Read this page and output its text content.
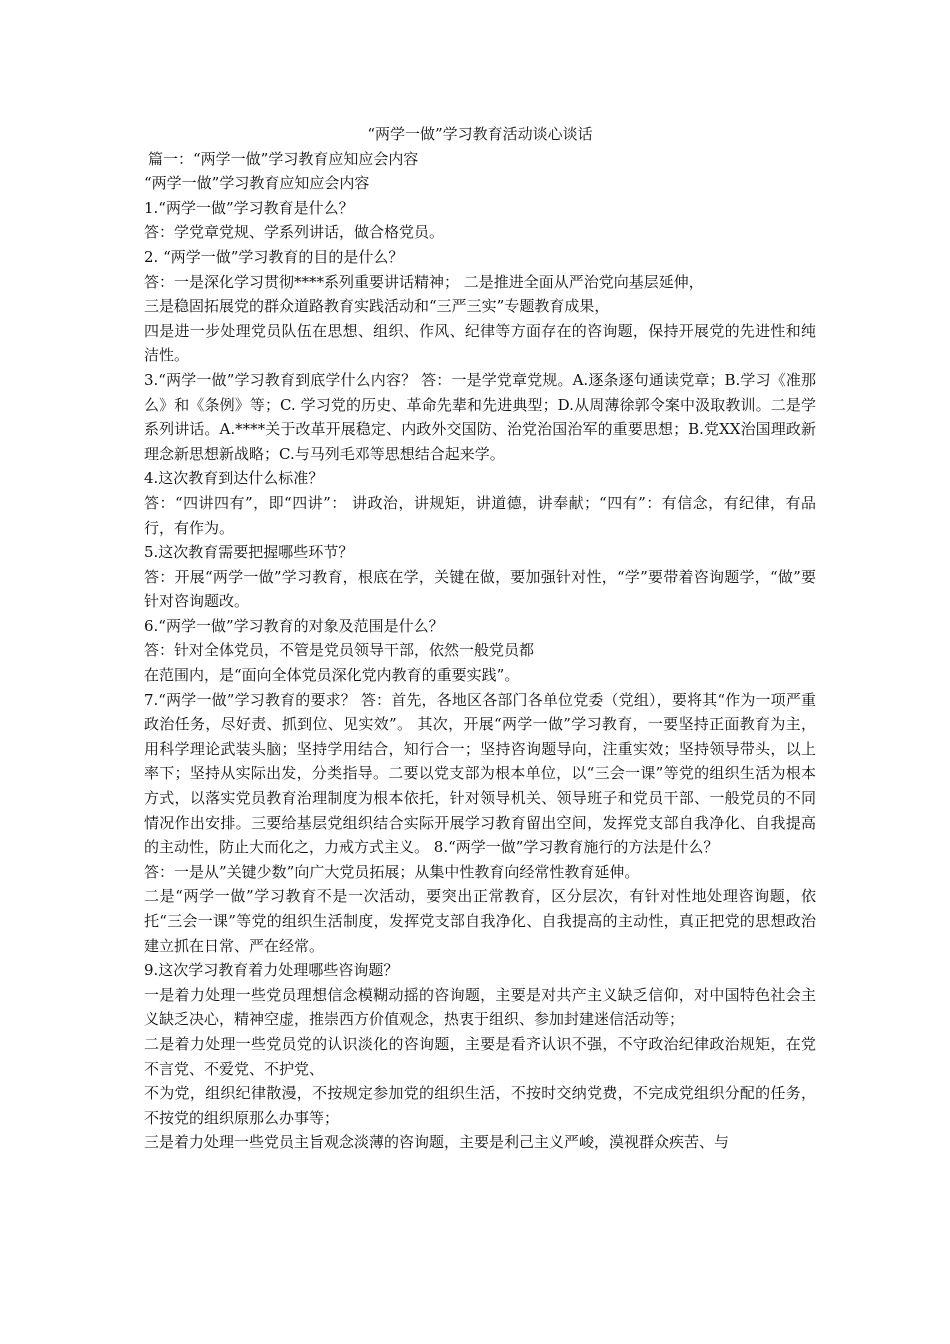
“两学一做”学习教育活动谈心谈话

篇一：“两学一做”学习教育应知应会内容

“两学一做”学习教育应知应会内容

1.“两学一做”学习教育是什么？

答：学党章党规、学系列讲话，做合格党员。

2. “两学一做”学习教育的目的是什么？

答：一是深化学习贯彻****系列重要讲话精神； 二是推进全面从严治党向基层延伸，

三是稳固拓展党的群众道路教育实践活动和“三严三实”专题教育成果，

四是进一步处理党员队伍在思想、组织、作风、纪律等方面存在的咨询题，保持开展党的先进性和纯洁性。

3.“两学一做”学习教育到底学什么内容？ 答：一是学党章党规。A.逐条逐句通读党章；B.学习《准那么》和《条例》等；C. 学习党的历史、革命先辈和先进典型；D.从周薄徐郭令案中汲取教训。二是学系列讲话。A.****关于改革开展稳定、内政外交国防、治党治国治军的重要思想；B.党XX治国理政新理念新思想新战略；C.与马列毛邓等思想结合起来学。

4.这次教育到达什么标准？

答：“四讲四有”，即“四讲”： 讲政治，讲规矩，讲道德，讲奉献；“四有”：有信念，有纪律，有品行，有作为。

5.这次教育需要把握哪些环节？

答：开展“两学一做”学习教育，根底在学，关键在做，要加强针对性，“学”要带着咨询题学，“做”要针对咨询题改。

6.“两学一做”学习教育的对象及范围是什么？

答：针对全体党员，不管是党员领导干部，依然一般党员都

在范围内，是“面向全体党员深化党内教育的重要实践”。

7.“两学一做”学习教育的要求？ 答：首先，各地区各部门各单位党委（党组），要将其“作为一项严重政治任务，尽好责、抓到位、见实效”。 其次，开展“两学一做”学习教育，一要坚持正面教育为主，用科学理论武装头脑；坚持学用结合，知行合一；坚持咨询题导向，注重实效；坚持领导带头，以上率下；坚持从实际出发，分类指导。二要以党支部为根本单位，以“三会一课”等党的组织生活为根本方式，以落实党员教育治理制度为根本依托，针对领导机关、领导班子和党员干部、一般党员的不同情况作出安排。三要给基层党组织结合实际开展学习教育留出空间，发挥党支部自我净化、自我提高的主动性，防止大而化之，力戒方式主义。 8.“两学一做”学习教育施行的方法是什么？

答：一是从”关键少数”向广大党员拓展；从集中性教育向经常性教育延伸。

二是“两学一做”学习教育不是一次活动，要突出正常教育，区分层次，有针对性地处理咨询题，依托“三会一课”等党的组织生活制度，发挥党支部自我净化、自我提高的主动性，真正把党的思想政治建立抓在日常、严在经常。

9.这次学习教育着力处理哪些咨询题？

一是着力处理一些党员理想信念模糊动摇的咨询题，主要是对共产主义缺乏信仰，对中国特色社会主义缺乏决心，精神空虚，推崇西方价值观念，热衷于组织、参加封建迷信活动等；

二是着力处理一些党员党的认识淡化的咨询题，主要是看齐认识不强，不守政治纪律政治规矩，在党不言党、不爱党、不护党、

不为党，组织纪律散漫，不按规定参加党的组织生活，不按时交纳党费，不完成党组织分配的任务，不按党的组织原那么办事等；

三是着力处理一些党员主旨观念淡薄的咨询题，主要是利己主义严峻，漠视群众疾苦、与
